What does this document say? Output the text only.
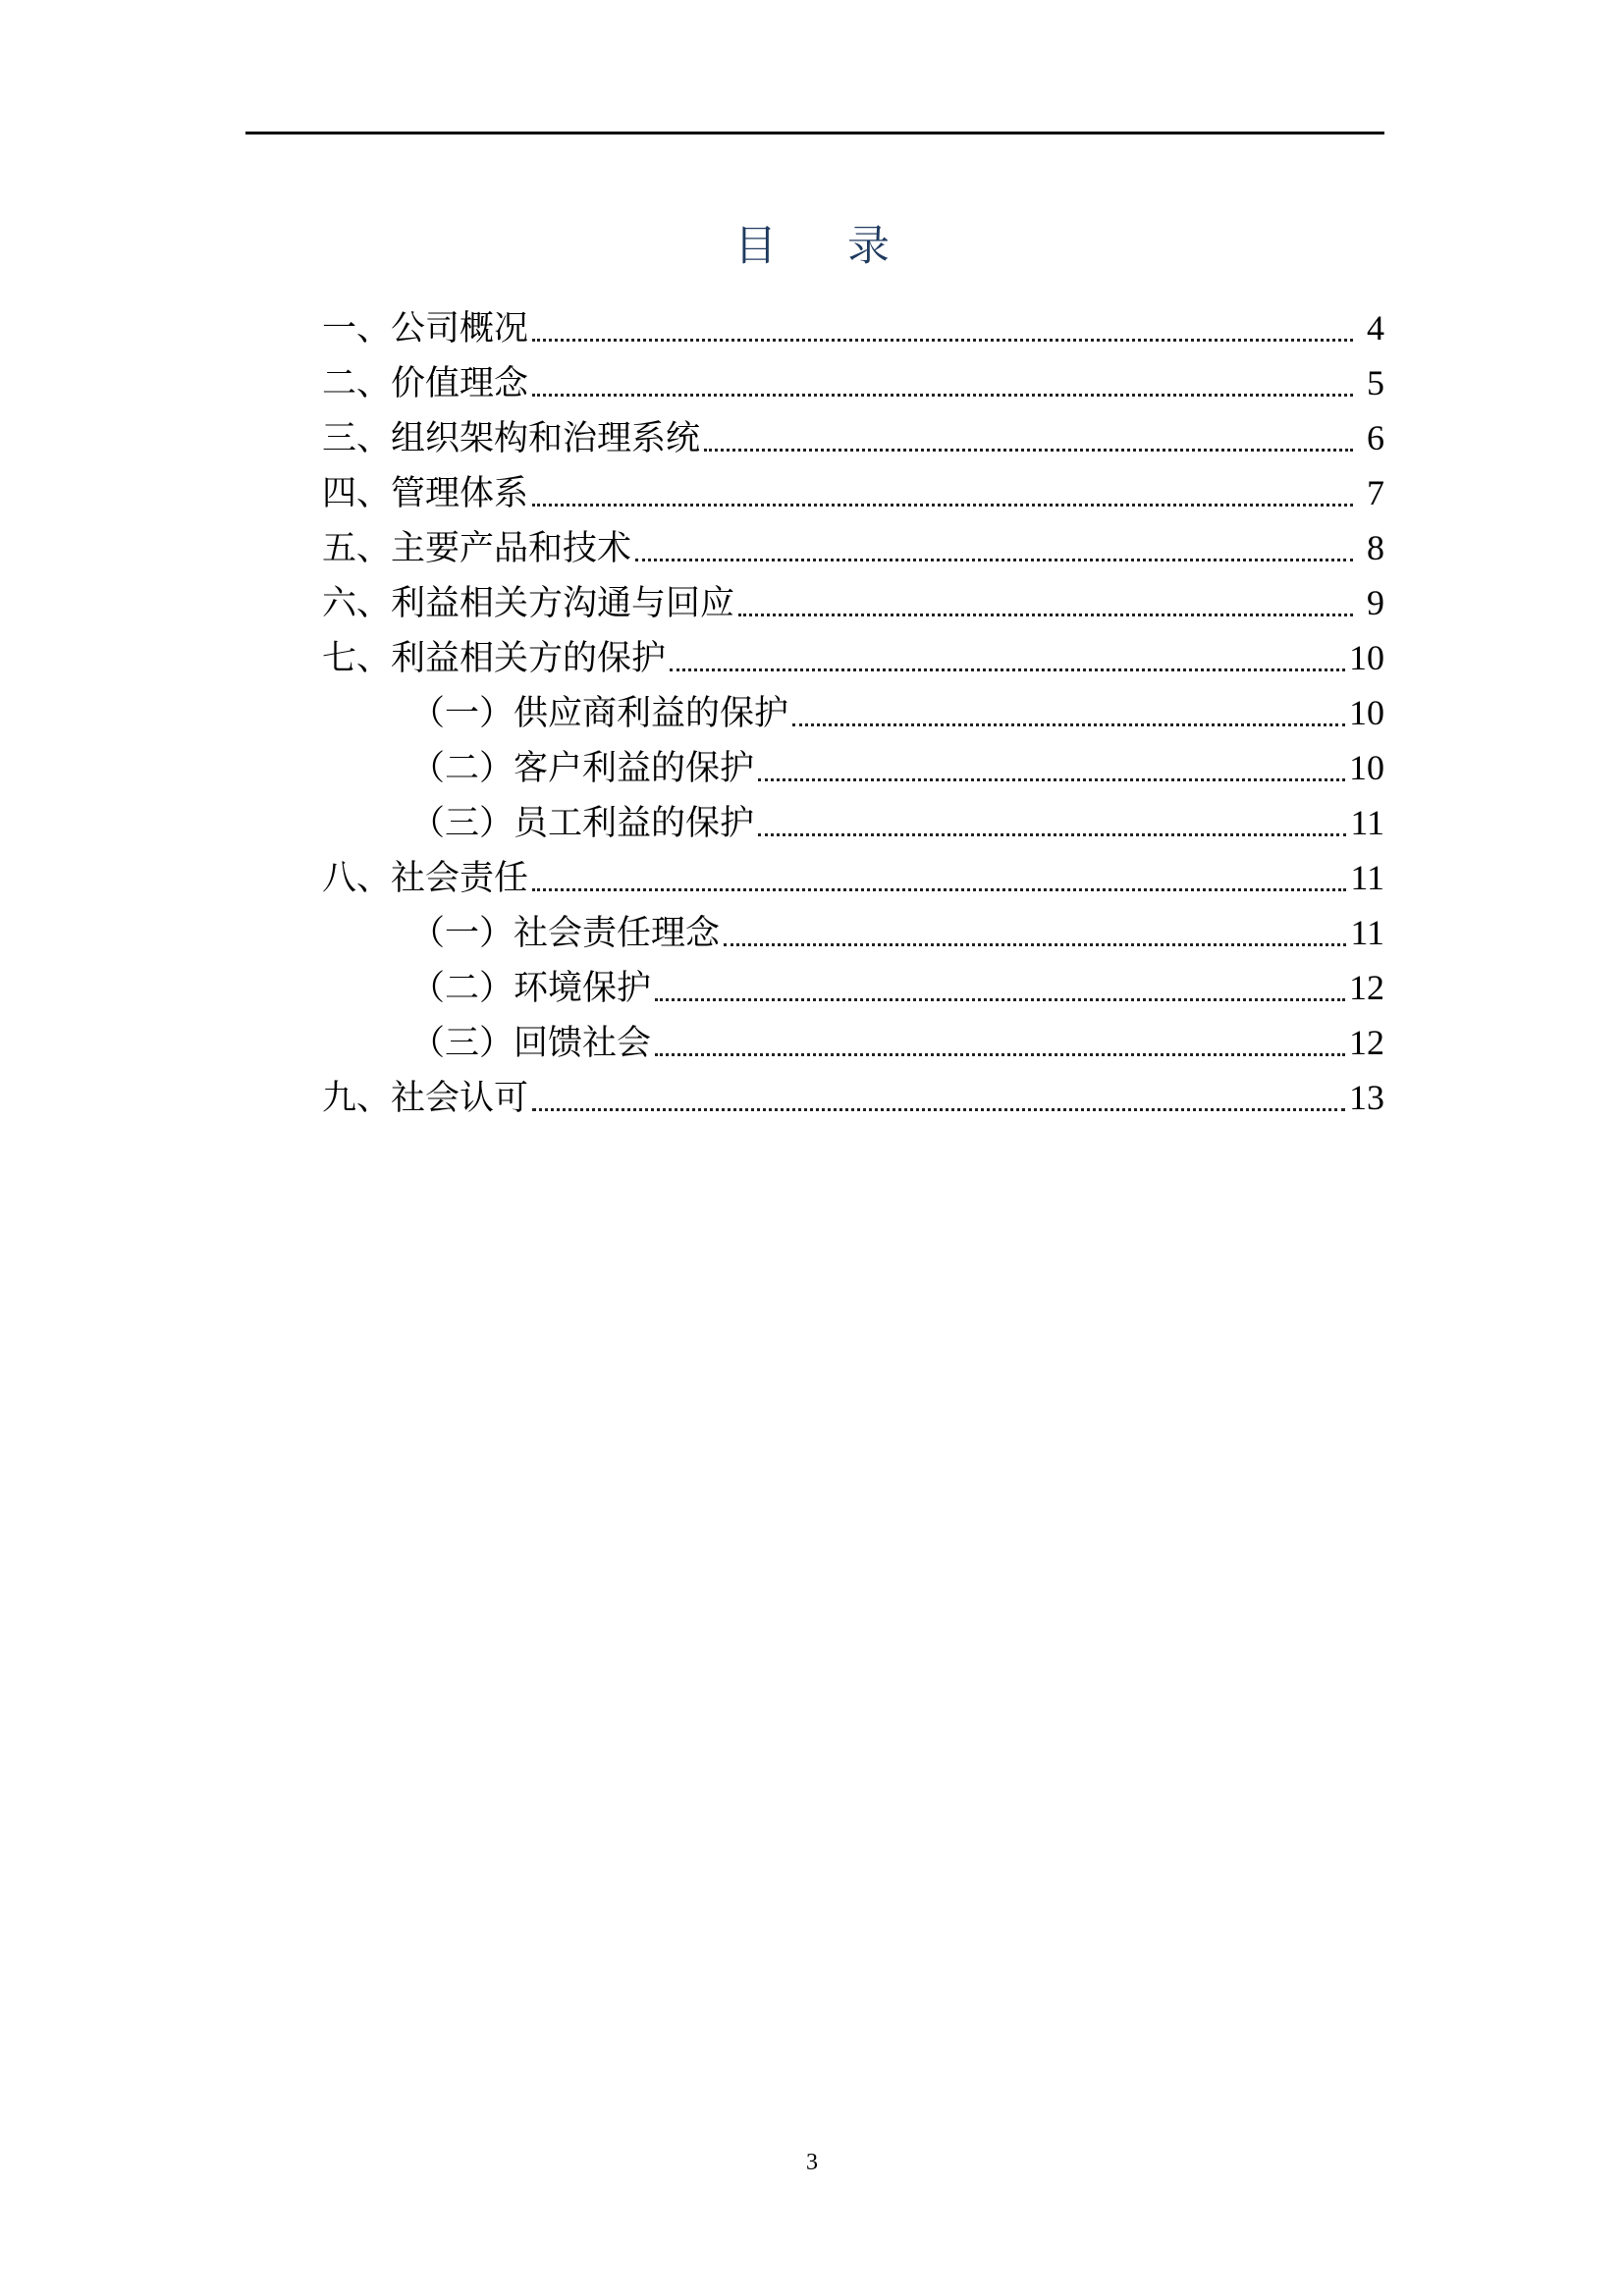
目录
一、公司概况	4
二、价值理念	5
三、组织架构和治理系统	6
四、管理体系	7
五、主要产品和技术	8
六、利益相关方沟通与回应	9
七、利益相关方的保护	10
（一）供应商利益的保护	10
（二）客户利益的保护	10
（三）员工利益的保护	11
八、社会责任	11
（一）社会责任理念	11
（二）环境保护	12
（三）回馈社会	12
九、社会认可	13
3
